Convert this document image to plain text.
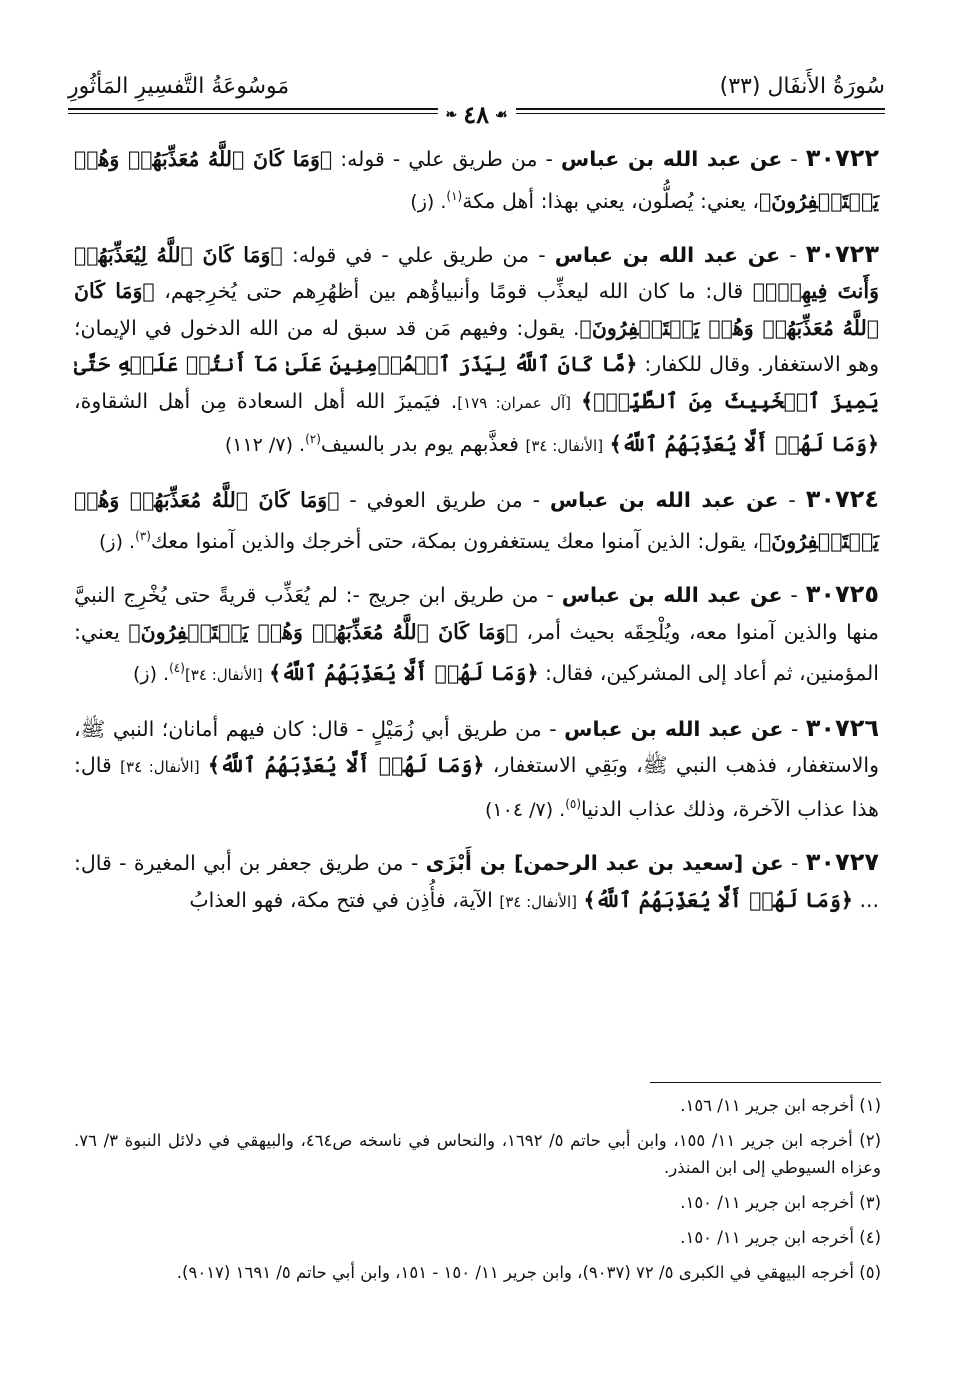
سُورَةُ الأَنفَال (٣٣)
مَوسُوعَةُ التَّفسِيرِ المَأثُورِ
❧ ٤٨ ☙

٣٠٧٢٢ - عن عبد الله بن عباس - من طريق علي - قوله: ﴿وَمَا كَانَ ٱللَّهُ مُعَذِّبَهُمۡ وَهُمۡ يَسۡتَغۡفِرُونَ﴾، يعني: يُصلُّون، يعني بهذا: أهل مكة$^{(١)}$. (ز)

٣٠٧٢٣ - عن عبد الله بن عباس - من طريق علي - في قوله: ﴿وَمَا كَانَ ٱللَّهُ لِيُعَذِّبَهُمۡ وَأَنتَ فِيهِمۡۚ﴾ قال: ما كان الله ليعذِّب قومًا وأنبياؤُهم بين أظهُرِهم حتى يُخرِجهم، ﴿وَمَا كَانَ ٱللَّهُ مُعَذِّبَهُمۡ وَهُمۡ يَسۡتَغۡفِرُونَ﴾. يقول: وفيهم مَن قد سبق له من الله الدخول في الإيمان؛ وهو الاستغفار. وقال للكفار: ﴿مَّا كَانَ ٱللَّهُ لِيَذَرَ ٱلۡمُؤۡمِنِينَ عَلَىٰ مَآ أَنتُمۡ عَلَيۡهِ حَتَّىٰ يَمِيزَ ٱلۡخَبِيثَ مِنَ ٱلطَّيِّبِۗ﴾ [آل عمران: ١٧٩]. فيَميزَ الله أهل السعادة مِن أهل الشقاوة، ﴿وَمَا لَهُمۡ أَلَّا يُعَذِّبَهُمُ ٱللَّهُ﴾ [الأنفال: ٣٤] فعذَّبهم يوم بدر بالسيف$^{(٢)}$. (٧/ ١١٢)

٣٠٧٢٤ - عن عبد الله بن عباس - من طريق العوفي - ﴿وَمَا كَانَ ٱللَّهُ مُعَذِّبَهُمۡ وَهُمۡ يَسۡتَغۡفِرُونَ﴾، يقول: الذين آمنوا معك يستغفرون بمكة، حتى أخرجك والذين آمنوا معك$^{(٣)}$. (ز)

٣٠٧٢٥ - عن عبد الله بن عباس - من طريق ابن جريج -: لم يُعَذِّب قريةً حتى يُخْرِج النبيَّ منها والذين آمنوا معه، ويُلْحِقَه بحيث أمر، ﴿وَمَا كَانَ ٱللَّهُ مُعَذِّبَهُمۡ وَهُمۡ يَسۡتَغۡفِرُونَ﴾ يعني: المؤمنين، ثم أعاد إلى المشركين، فقال: ﴿وَمَا لَهُمۡ أَلَّا يُعَذِّبَهُمُ ٱللَّهُ﴾ [الأنفال: ٣٤]$^{(٤)}$. (ز)

٣٠٧٢٦ - عن عبد الله بن عباس - من طريق أبي زُمَيْلٍ - قال: كان فيهم أمانان؛ النبي ﷺ، والاستغفار، فذهب النبي ﷺ، وبَقِي الاستغفار، ﴿وَمَا لَهُمۡ أَلَّا يُعَذِّبَهُمُ ٱللَّهُ﴾ [الأنفال: ٣٤] قال: هذا عذاب الآخرة، وذلك عذاب الدنيا$^{(٥)}$. (٧/ ١٠٤)

٣٠٧٢٧ - عن [سعيد بن عبد الرحمن] بن أَبْزَى - من طريق جعفر بن أبي المغيرة - قال: ... ﴿وَمَا لَهُمۡ أَلَّا يُعَذِّبَهُمُ ٱللَّهُ﴾ [الأنفال: ٣٤] الآية، فأُذِن في فتح مكة، فهو العذابُ

(١) أخرجه ابن جرير ١١/ ١٥٦.

(٢) أخرجه ابن جرير ١١/ ١٥٥، وابن أبي حاتم ٥/ ١٦٩٢، والنحاس في ناسخه ص٤٦٤، والبيهقي في دلائل النبوة ٣/ ٧٦. وعزاه السيوطي إلى ابن المنذر.

(٣) أخرجه ابن جرير ١١/ ١٥٠.

(٤) أخرجه ابن جرير ١١/ ١٥٠.

(٥) أخرجه البيهقي في الكبرى ٥/ ٧٢ (٩٠٣٧)، وابن جرير ١١/ ١٥٠ - ١٥١، وابن أبي حاتم ٥/ ١٦٩١ (٩٠١٧).
